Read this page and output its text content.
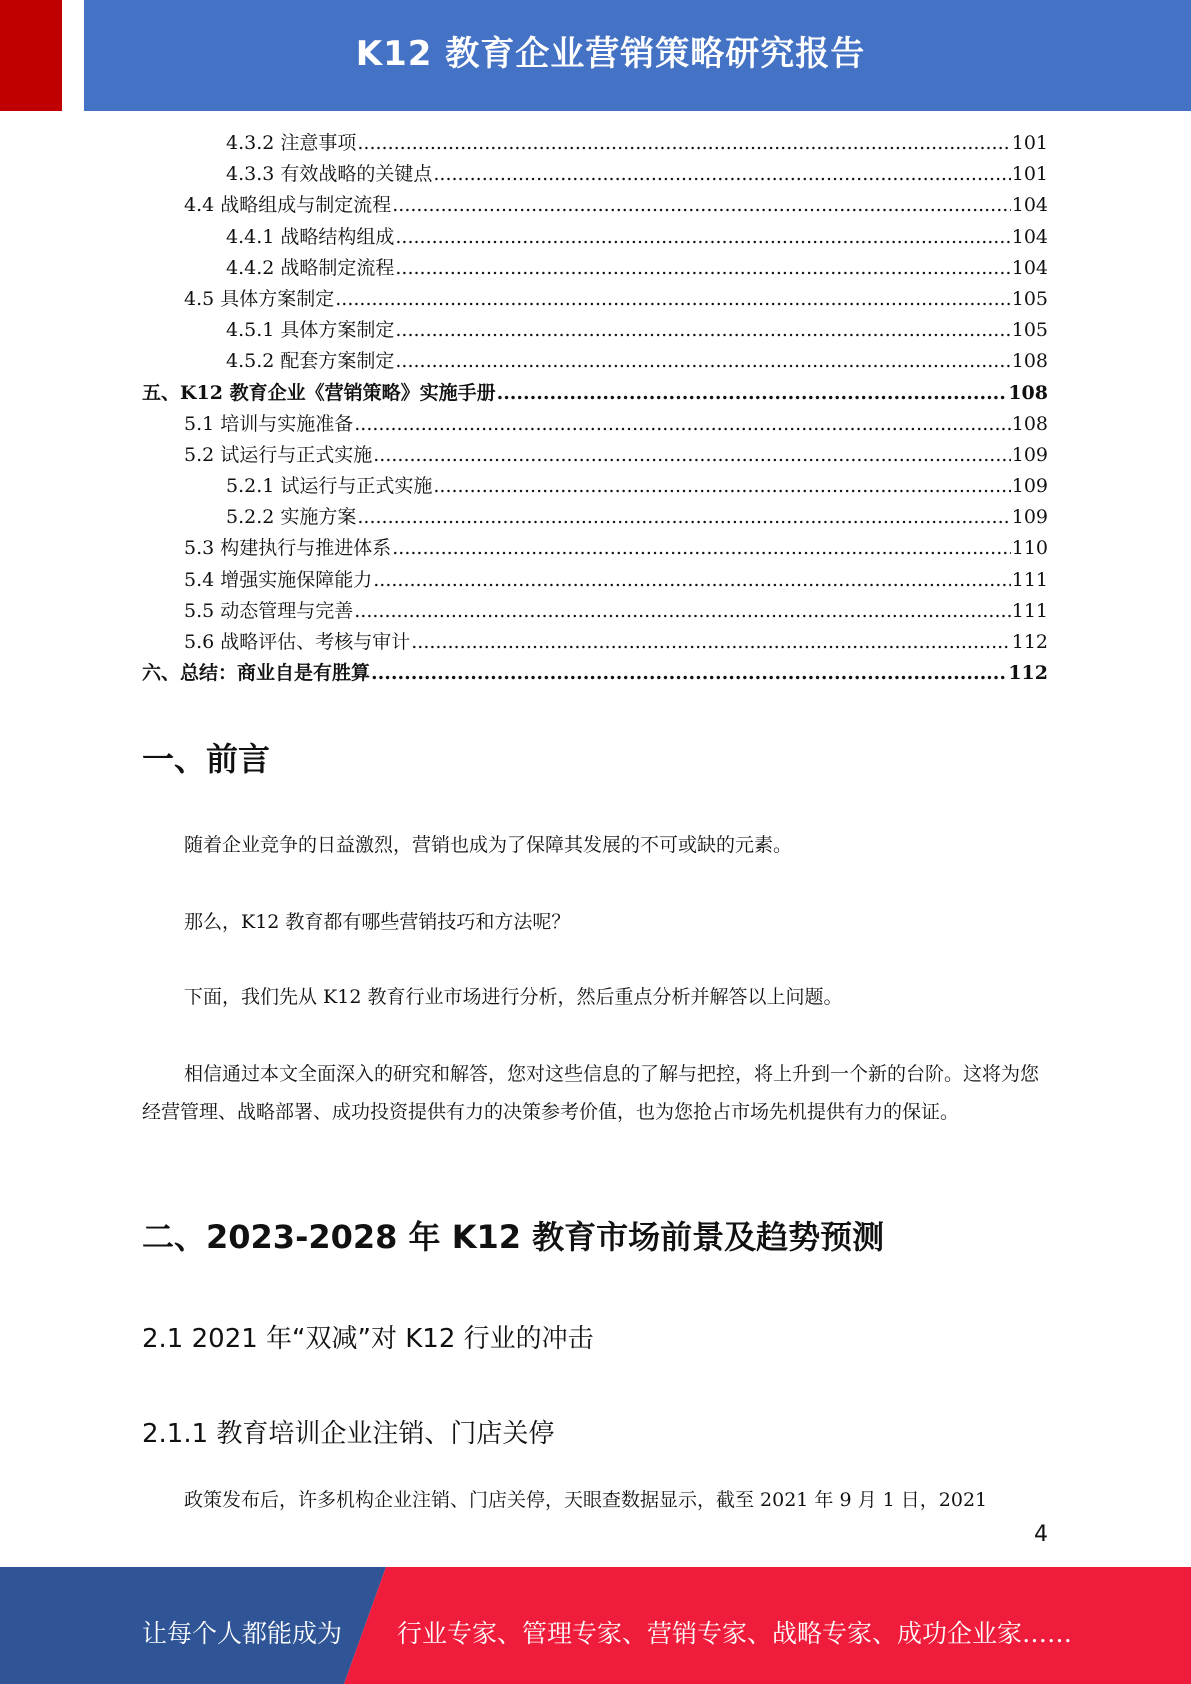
K12 教育企业营销策略研究报告
4.3.2 注意事项 .....	101
4.3.3 有效战略的关键点 .....	101
4.4 战略组成与制定流程 .....	104
4.4.1 战略结构组成 .....	104
4.4.2 战略制定流程 .....	104
4.5 具体方案制定 .....	105
4.5.1 具体方案制定 .....	105
4.5.2 配套方案制定 .....	108
五、K12 教育企业《营销策略》实施手册 .....	108
5.1 培训与实施准备 .....	108
5.2 试运行与正式实施 .....	109
5.2.1 试运行与正式实施 .....	109
5.2.2 实施方案 .....	109
5.3 构建执行与推进体系 .....	110
5.4 增强实施保障能力 .....	111
5.5 动态管理与完善 .....	111
5.6 战略评估、考核与审计 .....	112
六、总结：商业自是有胜算 .....	112
一、前言
随着企业竞争的日益激烈，营销也成为了保障其发展的不可或缺的元素。
那么，K12 教育都有哪些营销技巧和方法呢？
下面，我们先从 K12 教育行业市场进行分析，然后重点分析并解答以上问题。
相信通过本文全面深入的研究和解答，您对这些信息的了解与把控，将上升到一个新的台阶。这将为您经营管理、战略部署、成功投资提供有力的决策参考价值，也为您抢占市场先机提供有力的保证。
二、2023-2028 年 K12 教育市场前景及趋势预测
2.1 2021 年“双减”对 K12 行业的冲击
2.1.1 教育培训企业注销、门店关停
政策发布后，许多机构企业注销、门店关停，天眼查数据显示，截至 2021 年 9 月 1 日，2021
4
让每个人都能成为 行业专家、管理专家、营销专家、战略专家、成功企业家……
